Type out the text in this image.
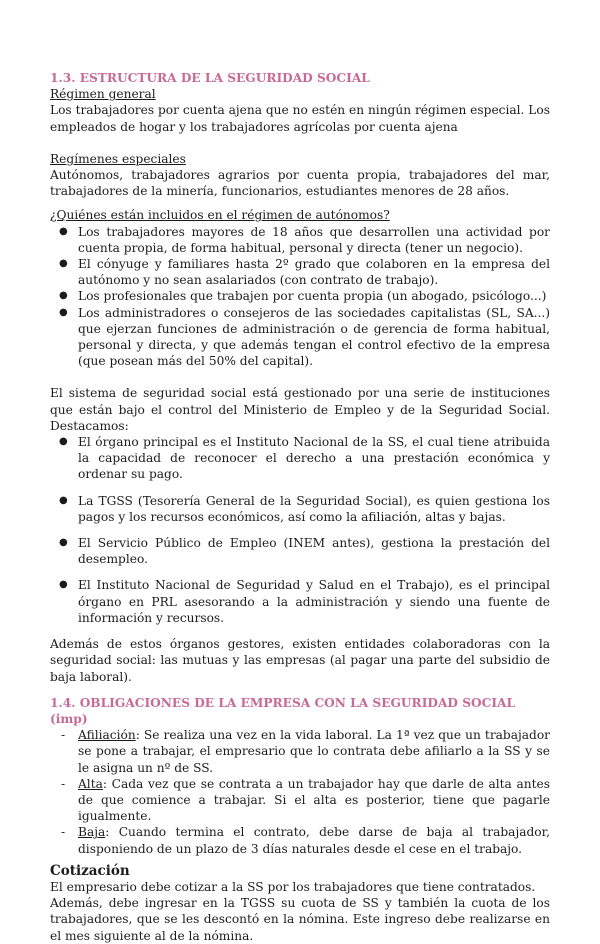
1.3. ESTRUCTURA DE LA SEGURIDAD SOCIAL

Régimen general

Los trabajadores por cuenta ajena que no estén en ningún régimen especial. Los empleados de hogar y los trabajadores agrícolas por cuenta ajena

Regímenes especiales

Autónomos, trabajadores agrarios por cuenta propia, trabajadores del mar, trabajadores de la minería, funcionarios, estudiantes menores de 28 años.

¿Quiénes están incluidos en el régimen de autónomos?

● Los trabajadores mayores de 18 años que desarrollen una actividad por cuenta propia, de forma habitual, personal y directa (tener un negocio).
● El cónyuge y familiares hasta 2º grado que colaboren en la empresa del autónomo y no sean asalariados (con contrato de trabajo).
● Los profesionales que trabajen por cuenta propia (un abogado, psicólogo...)
● Los administradores o consejeros de las sociedades capitalistas (SL, SA...) que ejerzan funciones de administración o de gerencia de forma habitual, personal y directa, y que además tengan el control efectivo de la empresa (que posean más del 50% del capital).

El sistema de seguridad social está gestionado por una serie de instituciones que están bajo el control del Ministerio de Empleo y de la Seguridad Social. Destacamos:

● El órgano principal es el Instituto Nacional de la SS, el cual tiene atribuida la capacidad de reconocer el derecho a una prestación económica y ordenar su pago.
● La TGSS (Tesorería General de la Seguridad Social), es quien gestiona los pagos y los recursos económicos, así como la afiliación, altas y bajas.
● El Servicio Público de Empleo (INEM antes), gestiona la prestación del desempleo.
● El Instituto Nacional de Seguridad y Salud en el Trabajo), es el principal órgano en PRL asesorando a la administración y siendo una fuente de información y recursos.

Además de estos órganos gestores, existen entidades colaboradoras con la seguridad social: las mutuas y las empresas (al pagar una parte del subsidio de baja laboral).

1.4. OBLIGACIONES DE LA EMPRESA CON LA SEGURIDAD SOCIAL (imp)

- Afiliación: Se realiza una vez en la vida laboral. La 1ª vez que un trabajador se pone a trabajar, el empresario que lo contrata debe afiliarlo a la SS y se le asigna un nº de SS.
- Alta: Cada vez que se contrata a un trabajador hay que darle de alta antes de que comience a trabajar. Si el alta es posterior, tiene que pagarle igualmente.
- Baja: Cuando termina el contrato, debe darse de baja al trabajador, disponiendo de un plazo de 3 días naturales desde el cese en el trabajo.

Cotización

El empresario debe cotizar a la SS por los trabajadores que tiene contratados.

Además, debe ingresar en la TGSS su cuota de SS y también la cuota de los trabajadores, que se les descontó en la nómina. Este ingreso debe realizarse en el mes siguiente al de la nómina.
